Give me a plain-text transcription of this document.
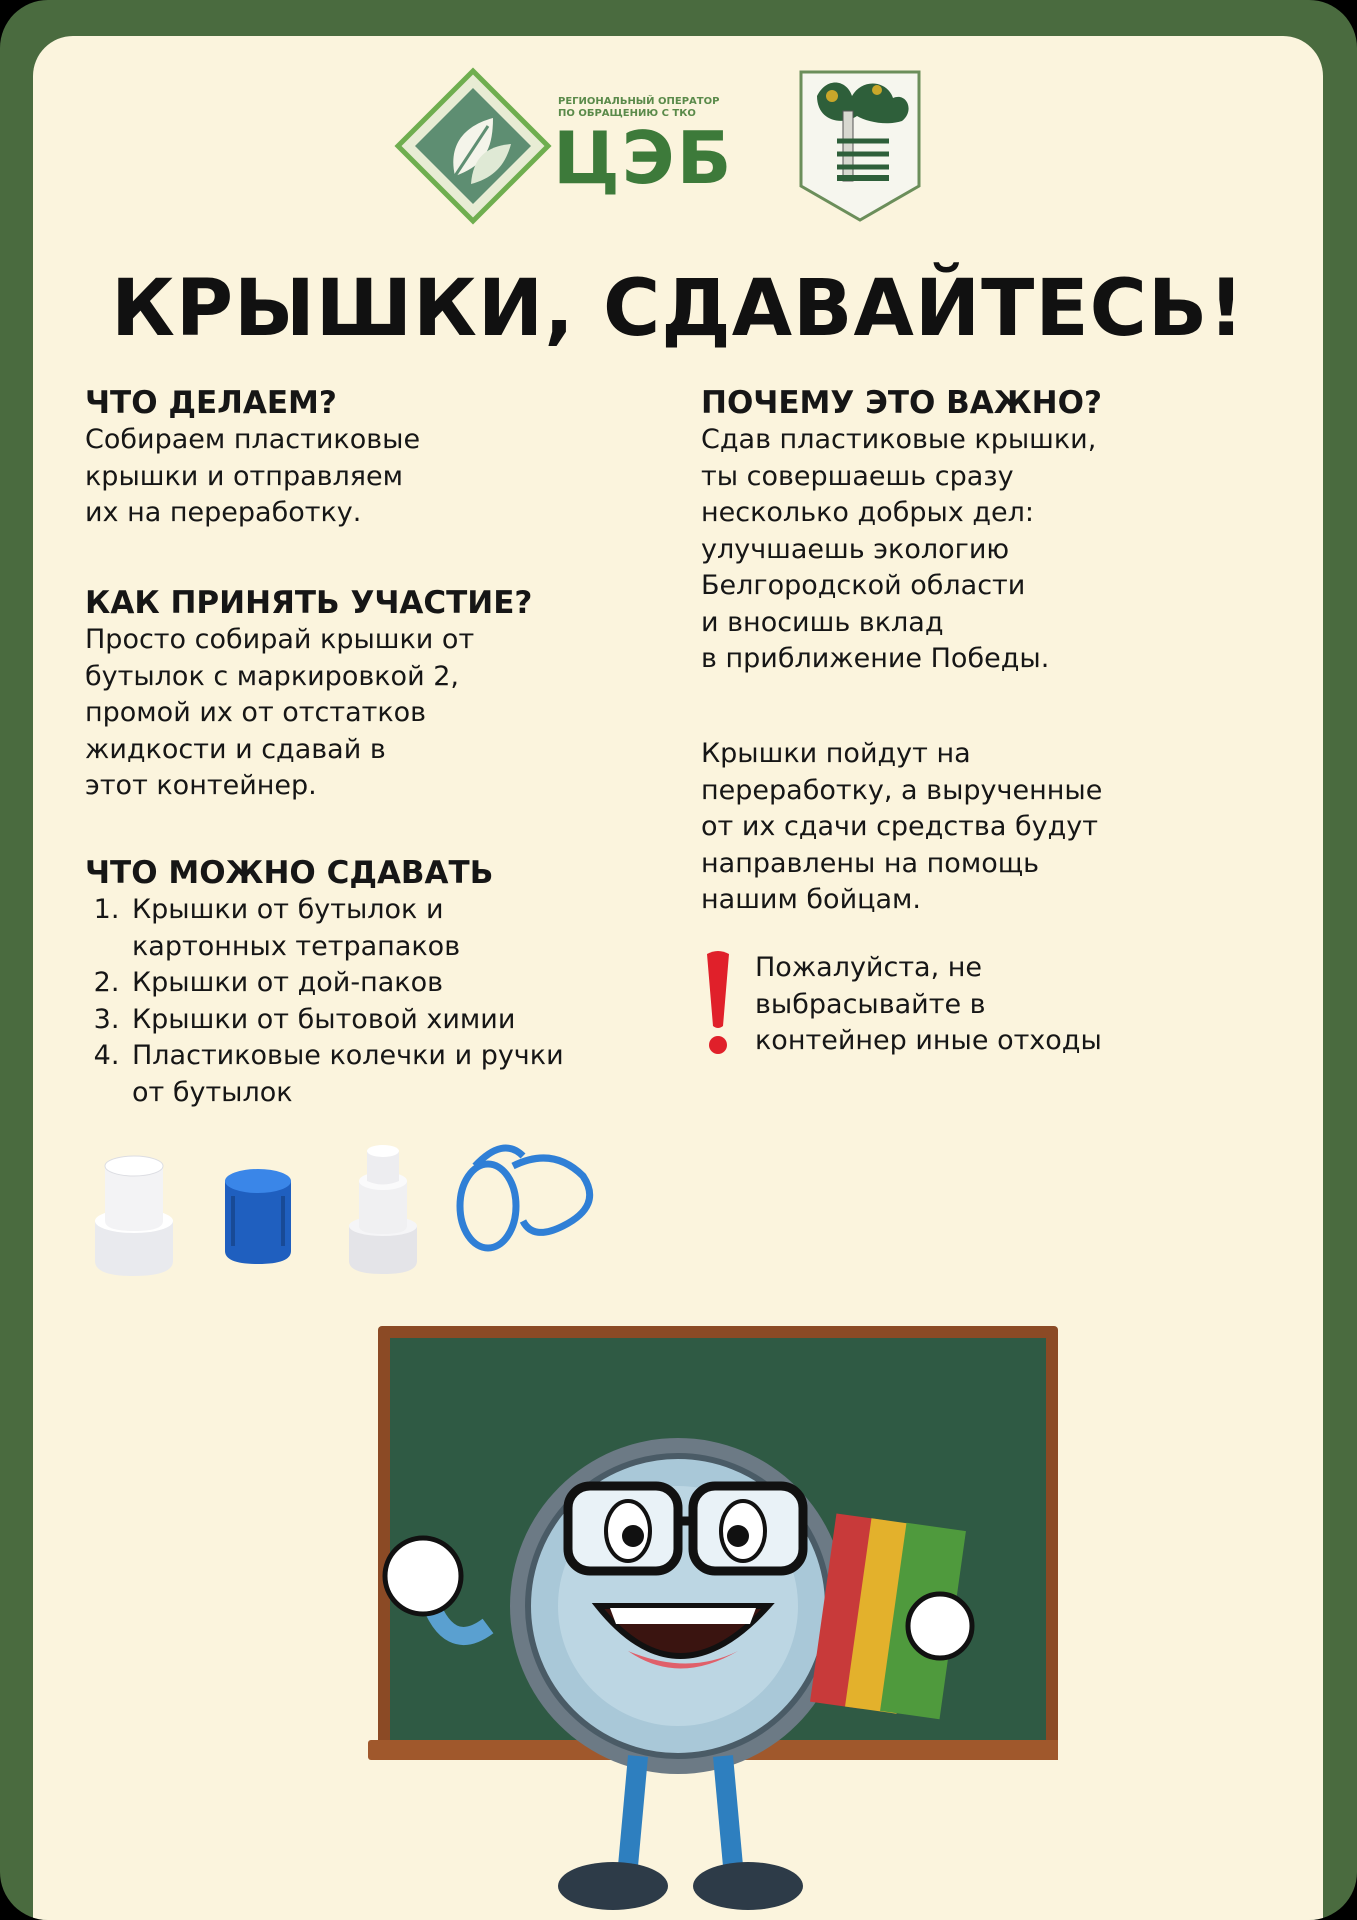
РЕГИОНАЛЬНЫЙ ОПЕРАТОР ПО ОБРАЩЕНИЮ С ТКО
ЦЭБ
КРЫШКИ, СДАВАЙТЕСЬ!
ЧТО ДЕЛАЕМ?

Собираем пластиковые
крышки и отправляем
их на переработку.

КАК ПРИНЯТЬ УЧАСТИЕ?

Просто собирай крышки от
бутылок с маркировкой 2,
промой их от отстатков
жидкости и сдавай в
этот контейнер.

ЧТО МОЖНО СДАВАТЬ
1. Крышки от бутылок и картонных тетрапаков
2. Крышки от дой-паков
3. Крышки от бытовой химии
4. Пластиковые колечки и ручки от бутылок
ПОЧЕМУ ЭТО ВАЖНО?

Сдав пластиковые крышки,
ты совершаешь сразу
несколько добрых дел:
улучшаешь экологию
Белгородской области
и вносишь вклад
в приближение Победы.

Крышки пойдут на
переработку, а вырученные
от их сдачи средства будут
направлены на помощь
нашим бойцам.

Пожалуйста, не
выбрасывайте в
контейнер иные отходы
